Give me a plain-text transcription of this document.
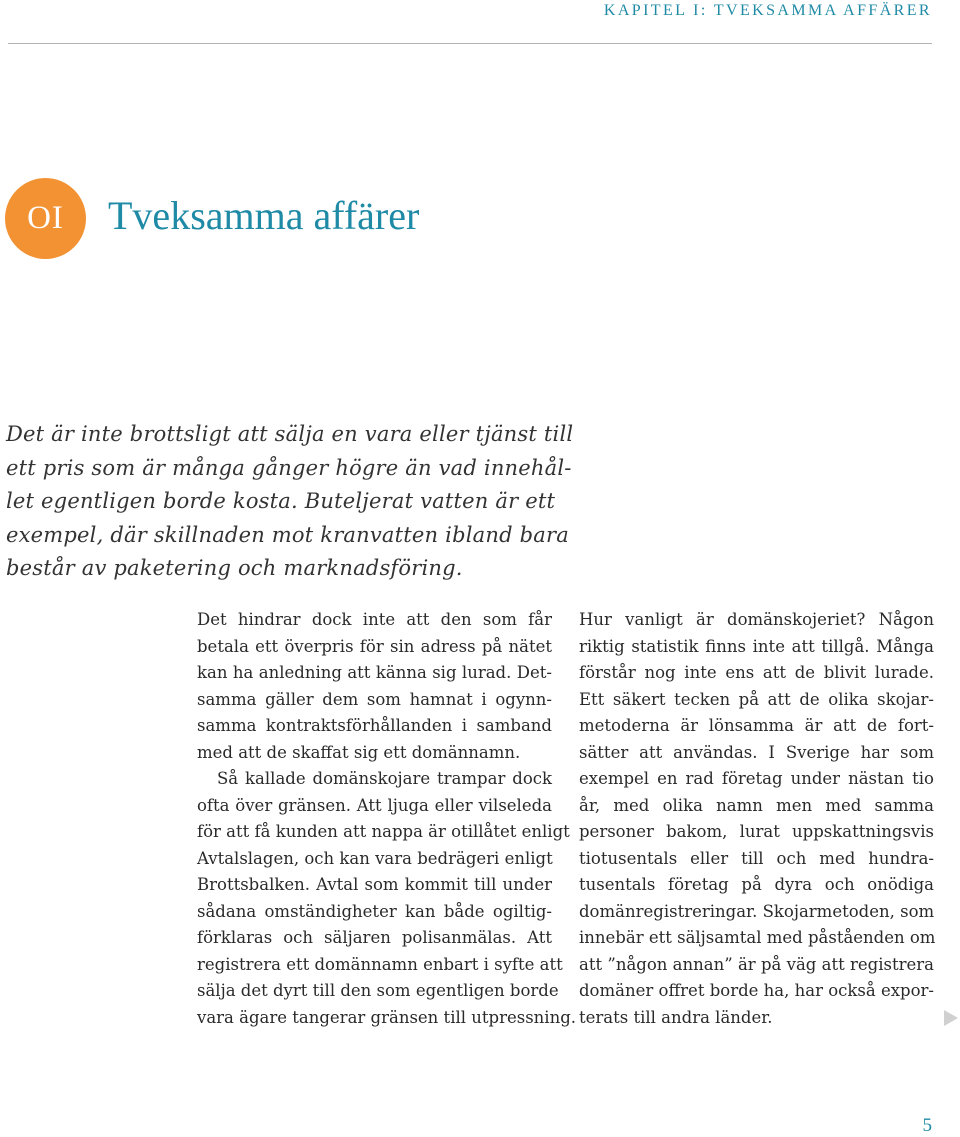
KAPITEL I: TVEKSAMMA AFFÄRER
OI	Tveksamma affärer
Det är inte brottsligt att sälja en vara eller tjänst till
ett pris som är många gånger högre än vad innehål-
let egentligen borde kosta. Buteljerat vatten är ett
exempel, där skillnaden mot kranvatten ibland bara
består av paketering och marknadsföring.

Det hindrar dock inte att den som får
betala ett överpris för sin adress på nätet
kan ha anledning att känna sig lurad. Det-
samma gäller dem som hamnat i ogynn-
samma kontraktsförhållanden i samband
med att de skaffat sig ett domännamn.

Så kallade domänskojare trampar dock
ofta över gränsen. Att ljuga eller vilseleda
för att få kunden att nappa är otillåtet enligt
Avtalslagen, och kan vara bedrägeri enligt
Brottsbalken. Avtal som kommit till under
sådana omständigheter kan både ogiltig-
förklaras och säljaren polisanmälas. Att
registrera ett domännamn enbart i syfte att
sälja det dyrt till den som egentligen borde
vara ägare tangerar gränsen till utpressning.

Hur vanligt är domänskojeriet? Någon
riktig statistik finns inte att tillgå. Många
förstår nog inte ens att de blivit lurade.
Ett säkert tecken på att de olika skojar-
metoderna är lönsamma är att de fort-
sätter att användas. I Sverige har som
exempel en rad företag under nästan tio
år, med olika namn men med samma
personer bakom, lurat uppskattningsvis
tiotusentals eller till och med hundra-
tusentals företag på dyra och onödiga
domänregistreringar. Skojarmetoden, som
innebär ett säljsamtal med påståenden om
att ”någon annan” är på väg att registrera
domäner offret borde ha, har också expor-
terats till andra länder.

5
